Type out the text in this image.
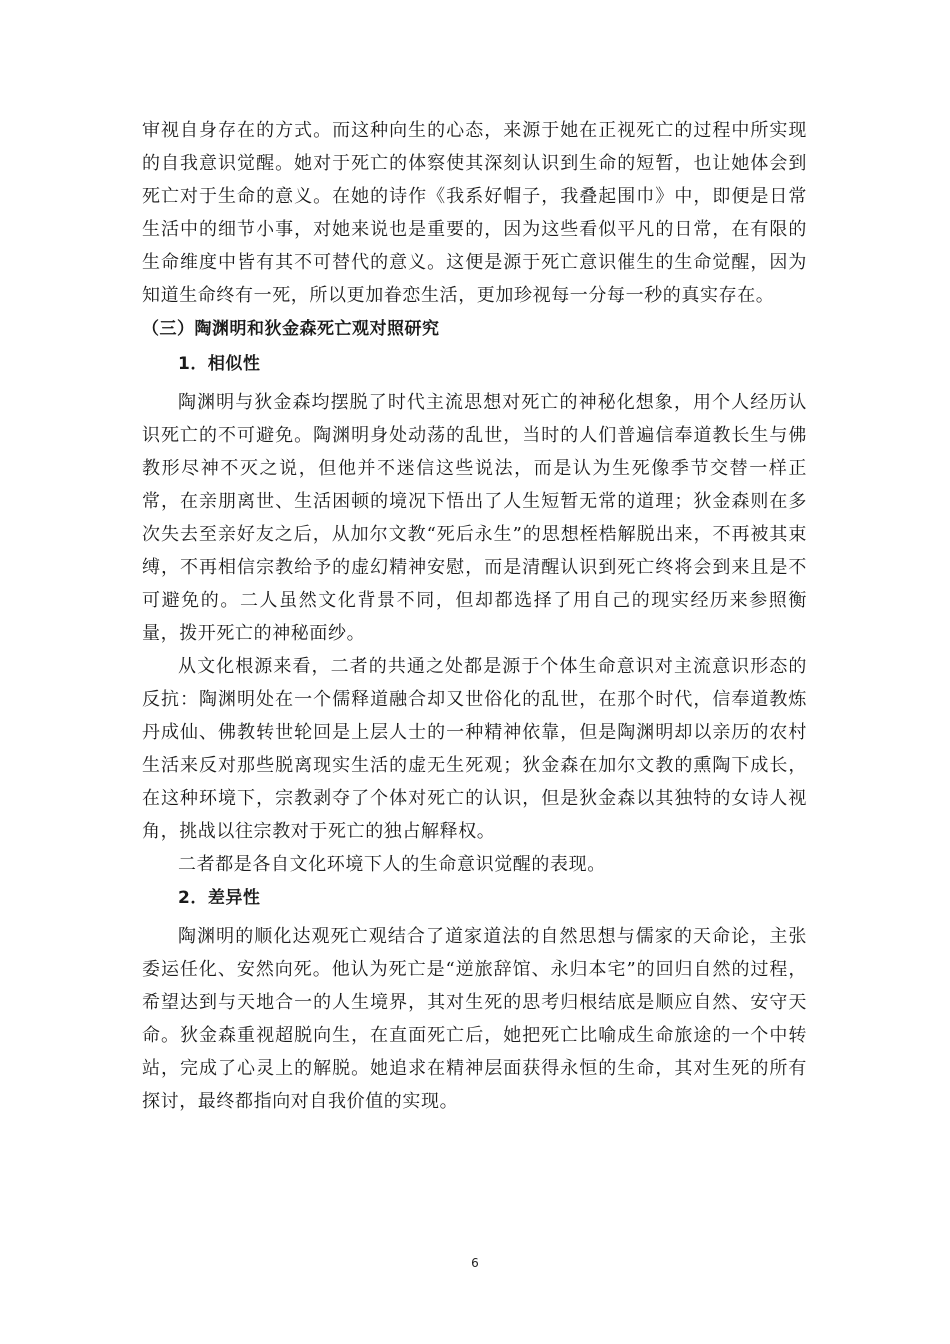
审视自身存在的方式。而这种向生的心态，来源于她在正视死亡的过程中所实现的自我意识觉醒。她对于死亡的体察使其深刻认识到生命的短暂，也让她体会到死亡对于生命的意义。在她的诗作《我系好帽子，我叠起围巾》中，即便是日常生活中的细节小事，对她来说也是重要的，因为这些看似平凡的日常，在有限的生命维度中皆有其不可替代的意义。这便是源于死亡意识催生的生命觉醒，因为知道生命终有一死，所以更加眷恋生活，更加珍视每一分每一秒的真实存在。

（三）陶渊明和狄金森死亡观对照研究
1．相似性

陶渊明与狄金森均摆脱了时代主流思想对死亡的神秘化想象，用个人经历认识死亡的不可避免。陶渊明身处动荡的乱世，当时的人们普遍信奉道教长生与佛教形尽神不灭之说，但他并不迷信这些说法，而是认为生死像季节交替一样正常，在亲朋离世、生活困顿的境况下悟出了人生短暂无常的道理；狄金森则在多次失去至亲好友之后，从加尔文教“死后永生”的思想桎梏解脱出来，不再被其束缚，不再相信宗教给予的虚幻精神安慰，而是清醒认识到死亡终将会到来且是不可避免的。二人虽然文化背景不同，但却都选择了用自己的现实经历来参照衡量，拨开死亡的神秘面纱。

从文化根源来看，二者的共通之处都是源于个体生命意识对主流意识形态的反抗：陶渊明处在一个儒释道融合却又世俗化的乱世，在那个时代，信奉道教炼丹成仙、佛教转世轮回是上层人士的一种精神依靠，但是陶渊明却以亲历的农村生活来反对那些脱离现实生活的虚无生死观；狄金森在加尔文教的熏陶下成长，在这种环境下，宗教剥夺了个体对死亡的认识，但是狄金森以其独特的女诗人视角，挑战以往宗教对于死亡的独占解释权。

二者都是各自文化环境下人的生命意识觉醒的表现。

2．差异性

陶渊明的顺化达观死亡观结合了道家道法的自然思想与儒家的天命论，主张委运任化、安然向死。他认为死亡是“逆旅辞馆、永归本宅”的回归自然的过程，希望达到与天地合一的人生境界，其对生死的思考归根结底是顺应自然、安守天命。狄金森重视超脱向生，在直面死亡后，她把死亡比喻成生命旅途的一个中转站，完成了心灵上的解脱。她追求在精神层面获得永恒的生命，其对生死的所有探讨，最终都指向对自我价值的实现。

6
